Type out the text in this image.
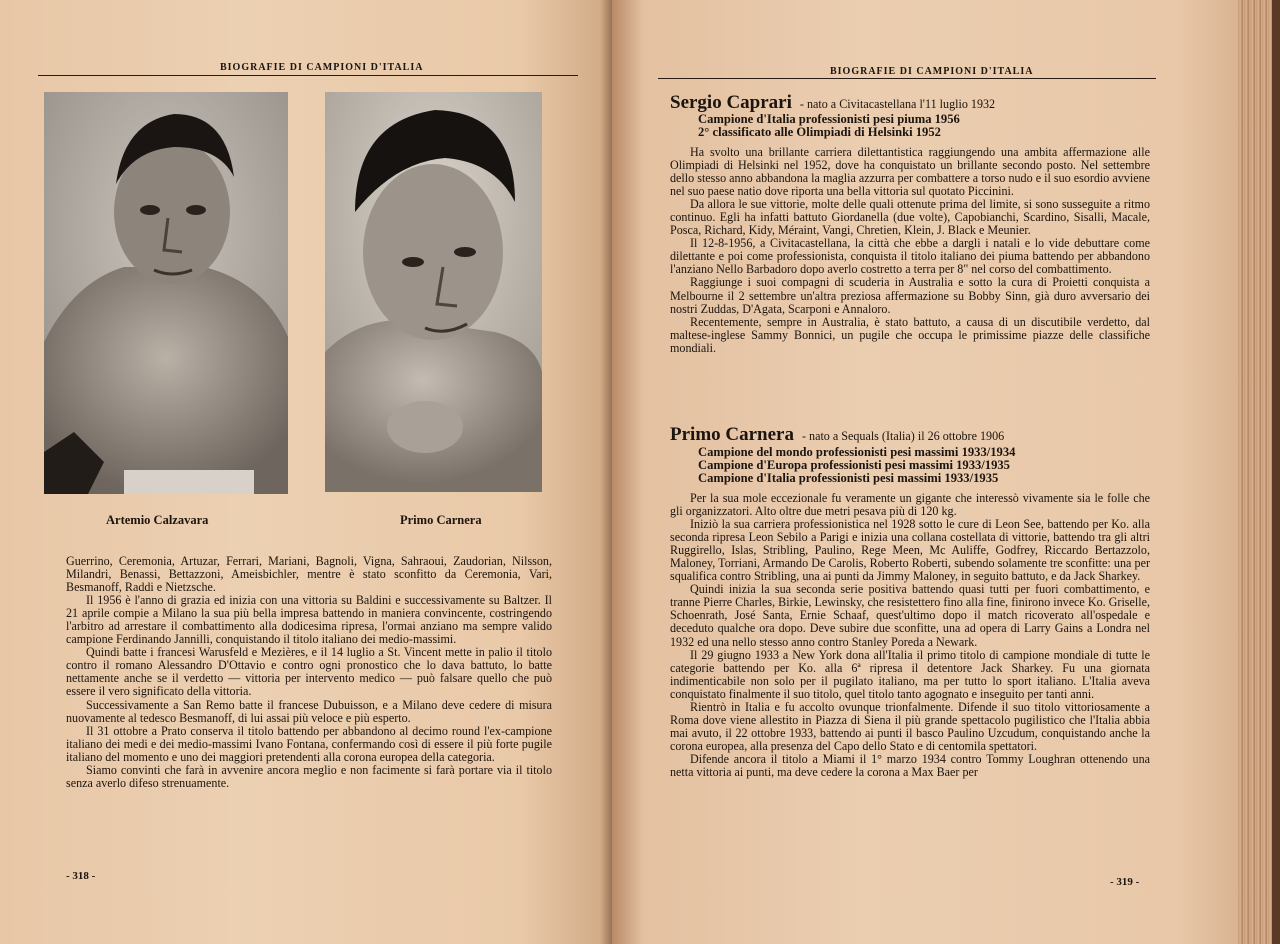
BIOGRAFIE DI CAMPIONI D'ITALIA
Artemio Calzavara	Primo Carnera

Guerrino, Ceremonia, Artuzar, Ferrari, Mariani, Bagnoli, Vigna, Sahraoui, Zaudorian, Nilsson, Milandri, Benassi, Bettazzoni, Ameisbichler, mentre è stato sconfitto da Ceremonia, Vari, Besmanoff, Raddi e Nietzsche.

Il 1956 è l'anno di grazia ed inizia con una vittoria su Baldini e successivamente su Baltzer. Il 21 aprile compie a Milano la sua più bella impresa battendo in maniera convincente, costringendo l'arbitro ad arrestare il combattimento alla dodicesima ripresa, l'ormai anziano ma sempre valido campione Ferdinando Jannilli, conquistando il titolo italiano dei medio-massimi.

Quindi batte i francesi Warusfeld e Mezières, e il 14 luglio a St. Vincent mette in palio il titolo contro il romano Alessandro D'Ottavio e contro ogni pronostico che lo dava battuto, lo batte nettamente anche se il verdetto — vittoria per intervento medico — può falsare quello che può essere il vero significato della vittoria.

Successivamente a San Remo batte il francese Dubuisson, e a Milano deve cedere di misura nuovamente al tedesco Besmanoff, di lui assai più veloce e più esperto.

Il 31 ottobre a Prato conserva il titolo battendo per abbandono al decimo round l'ex-campione italiano dei medi e dei medio-massimi Ivano Fontana, confermando così di essere il più forte pugile italiano del momento e uno dei maggiori pretendenti alla corona europea della categoria.

Siamo convinti che farà in avvenire ancora meglio e non facimente si farà portare via il titolo senza averlo difeso strenuamente.

- 318 -
BIOGRAFIE DI CAMPIONI D'ITALIA
Sergio Caprari - nato a Civitacastellana l'11 luglio 1932
Campione d'Italia professionisti pesi piuma 1956
2° classificato alle Olimpiadi di Helsinki 1952

Ha svolto una brillante carriera dilettantistica raggiungendo una ambita affermazione alle Olimpiadi di Helsinki nel 1952, dove ha conquistato un brillante secondo posto. Nel settembre dello stesso anno abbandona la maglia azzurra per combattere a torso nudo e il suo esordio avviene nel suo paese natio dove riporta una bella vittoria sul quotato Piccinini.

Da allora le sue vittorie, molte delle quali ottenute prima del limite, si sono susseguite a ritmo continuo. Egli ha infatti battuto Giordanella (due volte), Capobianchi, Scardino, Sisalli, Macale, Posca, Richard, Kidy, Méraint, Vangi, Chretien, Klein, J. Black e Meunier.

Il 12-8-1956, a Civitacastellana, la città che ebbe a dargli i natali e lo vide debuttare come dilettante e poi come professionista, conquista il titolo italiano dei piuma battendo per abbandono l'anziano Nello Barbadoro dopo averlo costretto a terra per 8" nel corso del combattimento.

Raggiunge i suoi compagni di scuderia in Australia e sotto la cura di Proietti conquista a Melbourne il 2 settembre un'altra preziosa affermazione su Bobby Sinn, già duro avversario dei nostri Zuddas, D'Agata, Scarponi e Annaloro.

Recentemente, sempre in Australia, è stato battuto, a causa di un discutibile verdetto, dal maltese-inglese Sammy Bonnici, un pugile che occupa le primissime piazze delle classifiche mondiali.

Primo Carnera - nato a Sequals (Italia) il 26 ottobre 1906
Campione del mondo professionisti pesi massimi 1933/1934
Campione d'Europa professionisti pesi massimi 1933/1935
Campione d'Italia professionisti pesi massimi 1933/1935

Per la sua mole eccezionale fu veramente un gigante che interessò vivamente sia le folle che gli organizzatori. Alto oltre due metri pesava più di 120 kg.

Iniziò la sua carriera professionistica nel 1928 sotto le cure di Leon See, battendo per Ko. alla seconda ripresa Leon Sebilo a Parigi e inizia una collana costellata di vittorie, battendo tra gli altri Ruggirello, Islas, Stribling, Paulino, Rege Meen, Mc Auliffe, Godfrey, Riccardo Bertazzolo, Maloney, Torriani, Armando De Carolis, Roberto Roberti, subendo solamente tre sconfitte: una per squalifica contro Stribling, una ai punti da Jimmy Maloney, in seguito battuto, e da Jack Sharkey.

Quindi inizia la sua seconda serie positiva battendo quasi tutti per fuori combattimento, e tranne Pierre Charles, Birkie, Lewinsky, che resistettero fino alla fine, finirono invece Ko. Griselle, Schoenrath, José Santa, Ernie Schaaf, quest'ultimo dopo il match ricoverato all'ospedale e deceduto qualche ora dopo. Deve subire due sconfitte, una ad opera di Larry Gains a Londra nel 1932 ed una nello stesso anno contro Stanley Poreda a Newark.

Il 29 giugno 1933 a New York dona all'Italia il primo titolo di campione mondiale di tutte le categorie battendo per Ko. alla 6ª ripresa il detentore Jack Sharkey. Fu una giornata indimenticabile non solo per il pugilato italiano, ma per tutto lo sport italiano. L'Italia aveva conquistato finalmente il suo titolo, quel titolo tanto agognato e inseguito per tanti anni.

Rientrò in Italia e fu accolto ovunque trionfalmente. Difende il suo titolo vittoriosamente a Roma dove viene allestito in Piazza di Siena il più grande spettacolo pugilistico che l'Italia abbia mai avuto, il 22 ottobre 1933, battendo ai punti il basco Paulino Uzcudum, conquistando anche la corona europea, alla presenza del Capo dello Stato e di centomila spettatori.

Difende ancora il titolo a Miami il 1° marzo 1934 contro Tommy Loughran ottenendo una netta vittoria ai punti, ma deve cedere la corona a Max Baer per

- 319 -
